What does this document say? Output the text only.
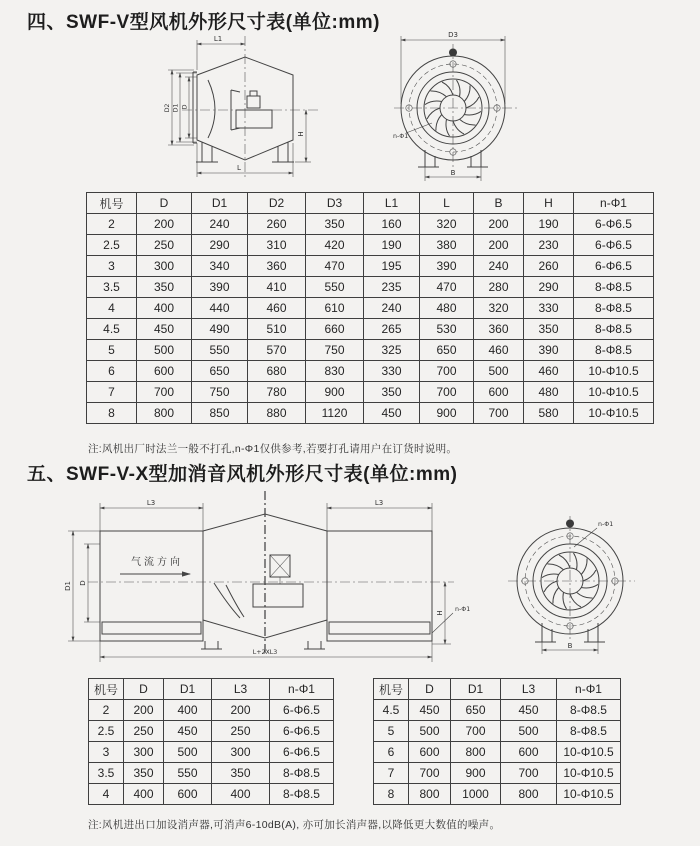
四、SWF-V型风机外形尺寸表(单位:mm)
L1
D2 D1 D
H
L
D3
n-Φ1
B
机号	D	D1	D2	D3	L1	L	B	H	n-Φ1
2	200	240	260	350	160	320	200	190	6-Φ6.5
2.5	250	290	310	420	190	380	200	230	6-Φ6.5
3	300	340	360	470	195	390	240	260	6-Φ6.5
3.5	350	390	410	550	235	470	280	290	8-Φ8.5
4	400	440	460	610	240	480	320	330	8-Φ8.5
4.5	450	490	510	660	265	530	360	350	8-Φ8.5
5	500	550	570	750	325	650	460	390	8-Φ8.5
6	600	650	680	830	330	700	500	460	10-Φ10.5
7	700	750	780	900	350	700	600	480	10-Φ10.5
8	800	850	880	1120	450	900	700	580	10-Φ10.5

注:风机出厂时法兰一般不打孔,n-Φ1仅供参考,若要打孔请用户在订货时说明。

五、SWF-V-X型加消音风机外形尺寸表(单位:mm)
L3	L3
气流方向
D1 D
H n-Φ1
L+2XL3
n-Φ1
B
机号	D	D1	L3	n-Φ1
2	200	400	200	6-Φ6.5
2.5	250	450	250	6-Φ6.5
3	300	500	300	6-Φ6.5
3.5	350	550	350	8-Φ8.5
4	400	600	400	8-Φ8.5
机号	D	D1	L3	n-Φ1
4.5	450	650	450	8-Φ8.5
5	500	700	500	8-Φ8.5
6	600	800	600	10-Φ10.5
7	700	900	700	10-Φ10.5
8	800	1000	800	10-Φ10.5

注:风机进出口加设消声器,可消声6-10dB(A), 亦可加长消声器,以降低更大数值的噪声。
